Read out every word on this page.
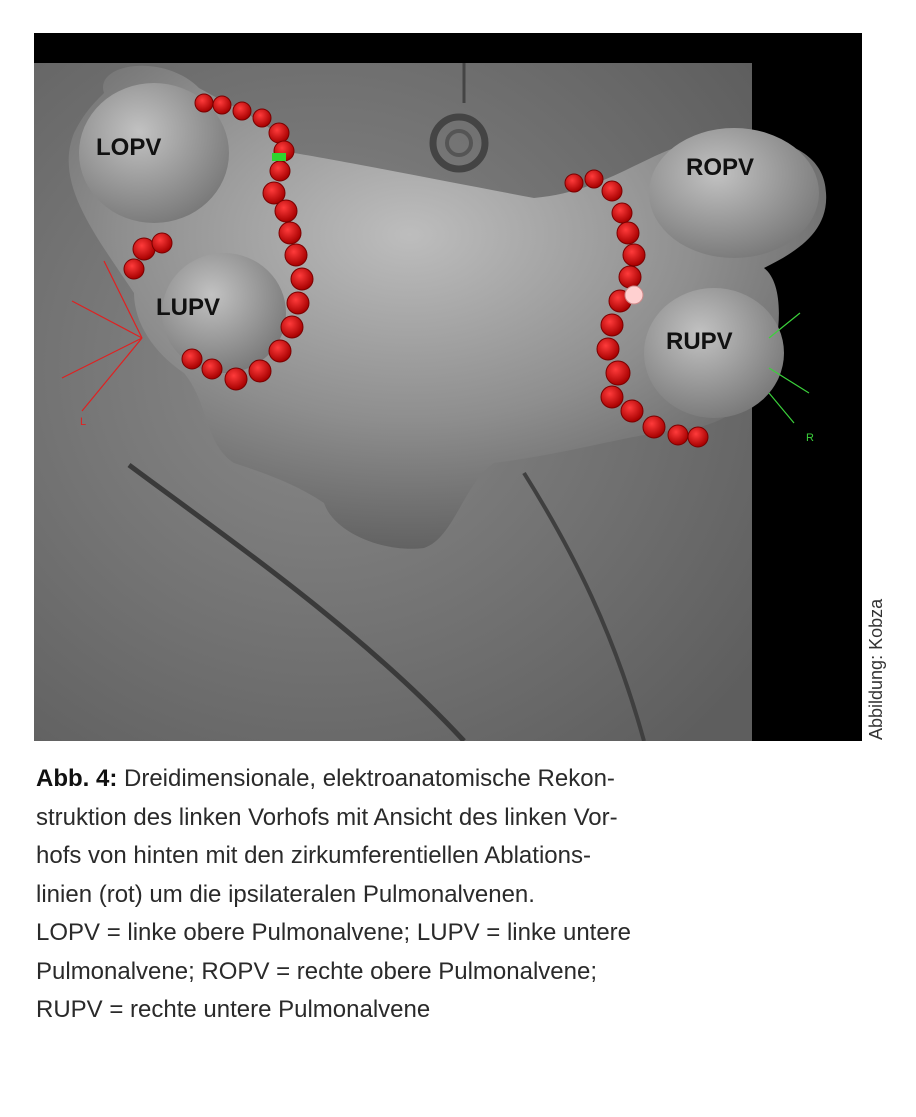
L
R
LOPV
LUPV
ROPV
RUPV
Abbildung: Kobza
Abb. 4: Dreidimensionale, elektroanatomische Rekon-
struktion des linken Vorhofs mit Ansicht des linken Vor-
hofs von hinten mit den zirkumferentiellen Ablations-
linien (rot) um die ipsilateralen Pulmonalvenen.
LOPV = linke obere Pulmonalvene; LUPV = linke untere
Pulmonalvene; ROPV = rechte obere Pulmonalvene;
RUPV = rechte untere Pulmonalvene
